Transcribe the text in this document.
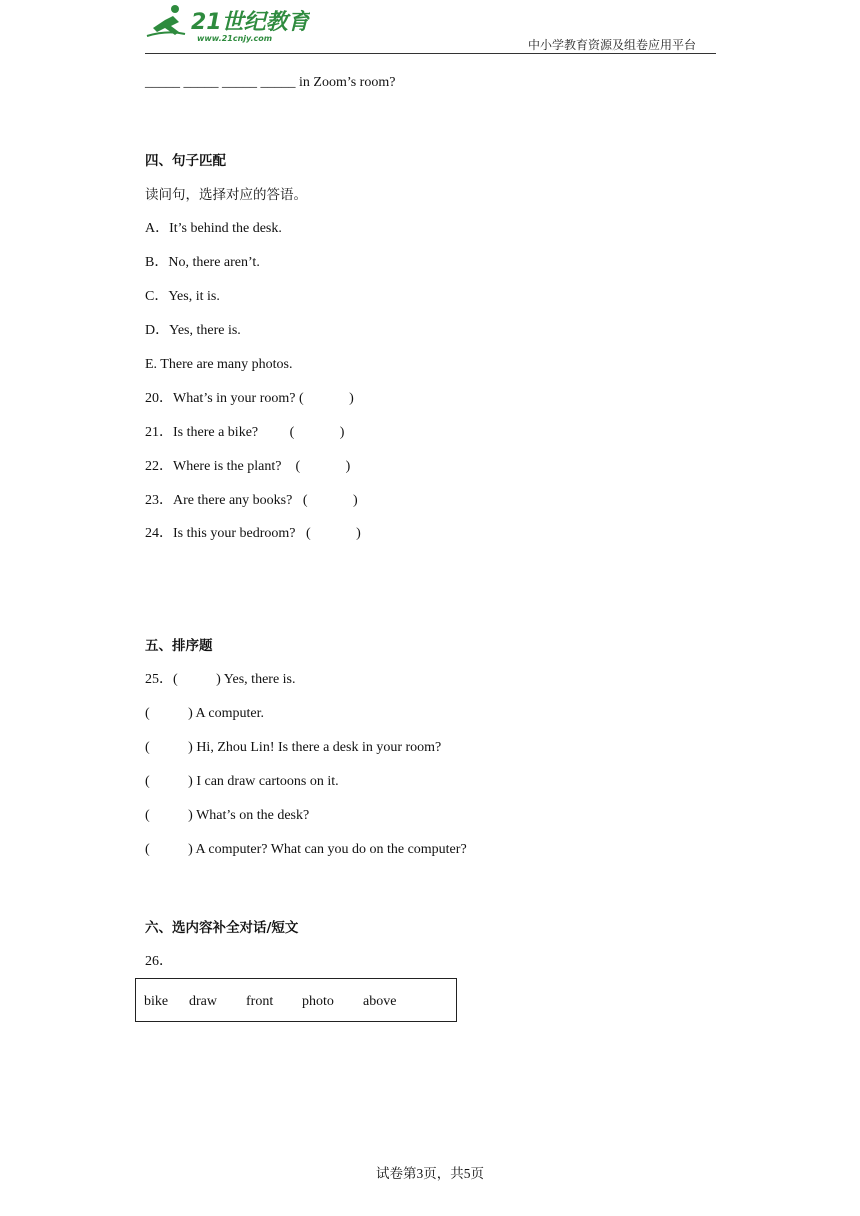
21世纪教育
www.21cnjy.com	中小学教育资源及组卷应用平台
_____ _____ _____ _____ in Zoom’s room?
四、句子匹配
读问句，选择对应的答语。
A．It’s behind the desk.
B．No, there aren’t.
C．Yes, it is.
D．Yes, there is.
E. There are many photos.
20．What’s in your room? (             )
21．Is there a bike?         (             )
22．Where is the plant?    (             )
23．Are there any books?   (             )
24．Is this your bedroom?   (             )
五、排序题
25．(           ) Yes, there is.
(           ) A computer.
(           ) Hi, Zhou Lin! Is there a desk in your room?
(           ) I can draw cartoons on it.
(           ) What’s on the desk?
(           ) A computer? What can you do on the computer?
六、选内容补全对话/短文
26．
bike draw front photo above
试卷第3页，共5页
